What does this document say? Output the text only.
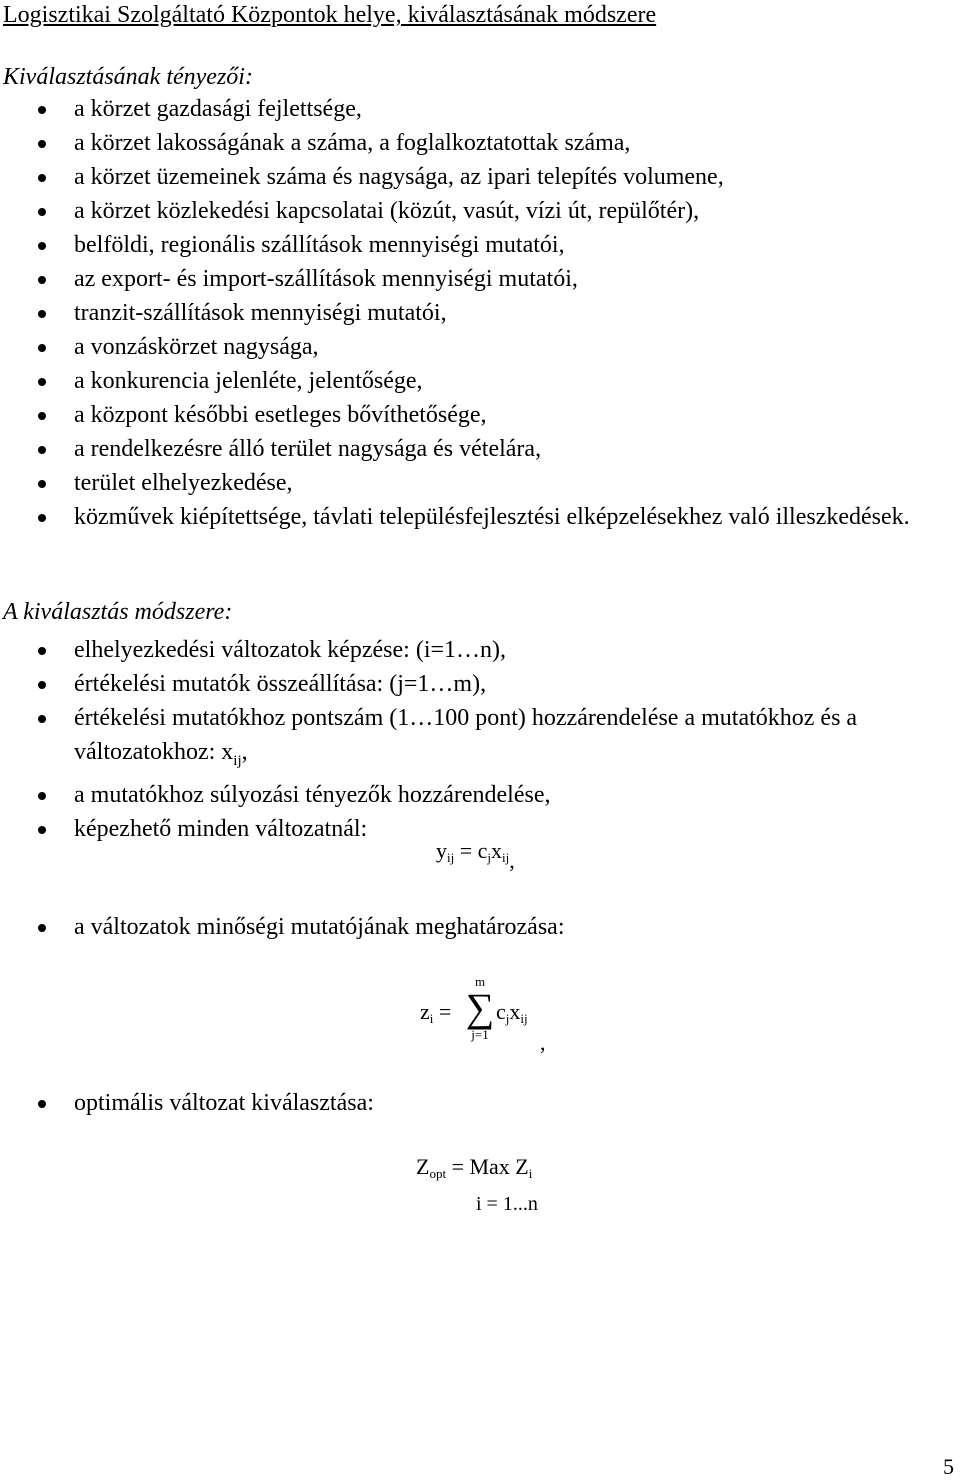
Logisztikai Szolgáltató Központok helye, kiválasztásának módszere
Kiválasztásának tényezői:
a körzet gazdasági fejlettsége,
a körzet lakosságának a száma, a foglalkoztatottak száma,
a körzet üzemeinek száma és nagysága, az ipari telepítés volumene,
a körzet közlekedési kapcsolatai (közút, vasút, vízi út, repülőtér),
belföldi, regionális szállítások mennyiségi mutatói,
az export- és import-szállítások mennyiségi mutatói,
tranzit-szállítások mennyiségi mutatói,
a vonzáskörzet nagysága,
a konkurencia jelenléte, jelentősége,
a központ későbbi esetleges bővíthetősége,
a rendelkezésre álló terület nagysága és vételára,
terület elhelyezkedése,
közművek kiépítettsége, távlati településfejlesztési elképzelésekhez való illeszkedések.
A kiválasztás módszere:
elhelyezkedési változatok képzése: (i=1…n),
értékelési mutatók összeállítása: (j=1…m),
értékelési mutatókhoz pontszám (1…100 pont) hozzárendelése a mutatókhoz és a változatokhoz: $x_{ij}$,
a mutatókhoz súlyozási tényezők hozzárendelése,
képezhető minden változatnál:
$y_{ij} = c_jx_{ij}$,
a változatok minőségi mutatójának meghatározása:
$z_i$ =
m
∑
j=1
$c_jx_{ij}$
,
optimális változat kiválasztása:
$Z_{opt}$ = Max $Z_i$
i = 1...n
5
